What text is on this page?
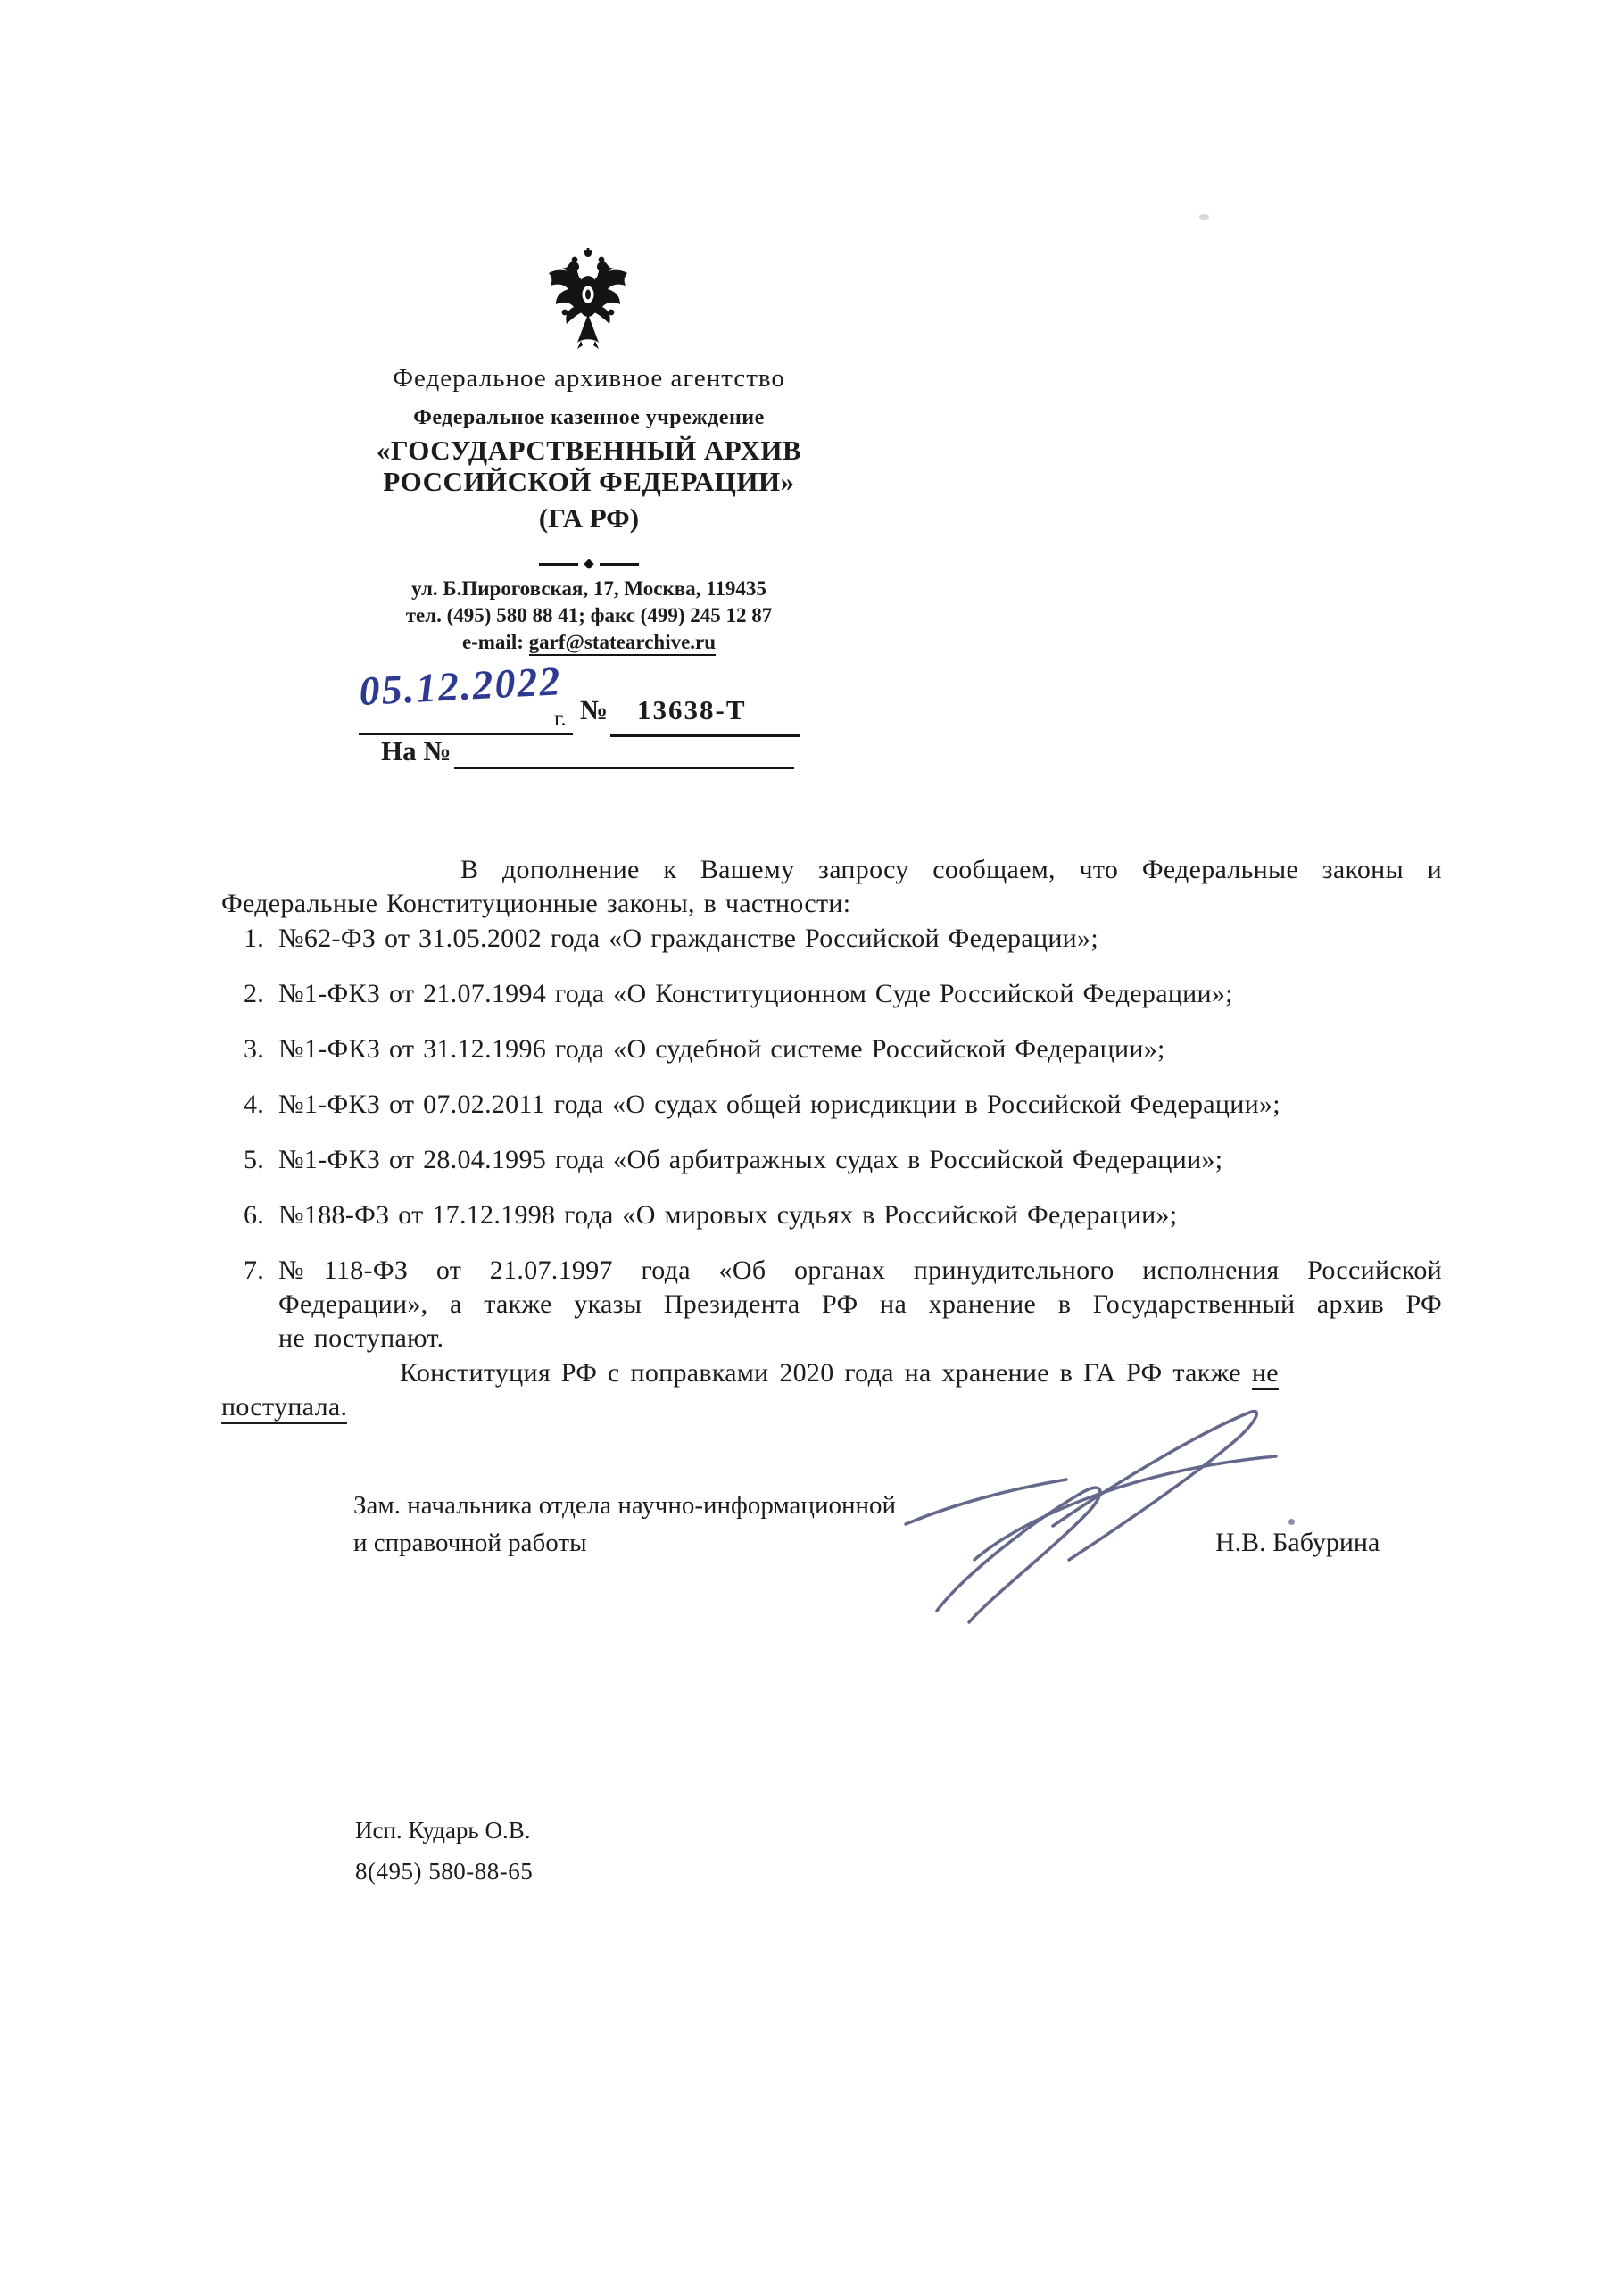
Федеральное архивное агентство
Федеральное казенное учреждение
«ГОСУДАРСТВЕННЫЙ АРХИВ
РОССИЙСКОЙ ФЕДЕРАЦИИ»
(ГА РФ)
◆
ул. Б.Пироговская, 17, Москва, 119435
тел. (495) 580 88 41; факс (499) 245 12 87
e-mail: garf@statearchive.ru
05.12.2022
г. № 13638-Т
На №
В дополнение к Вашему запросу сообщаем, что Федеральные законы и
Федеральные Конституционные законы, в частности:
1. №62-ФЗ от 31.05.2002 года «О гражданстве Российской Федерации»;
2. №1-ФКЗ от 21.07.1994 года «О Конституционном Суде Российской Федерации»;
3. №1-ФКЗ от 31.12.1996 года «О судебной системе Российской Федерации»;
4. №1-ФКЗ от 07.02.2011 года «О судах общей юрисдикции в Российской Федерации»;
5. №1-ФКЗ от 28.04.1995 года «Об арбитражных судах в Российской Федерации»;
6. №188-ФЗ от 17.12.1998 года «О мировых судьях в Российской Федерации»;
7. №118-ФЗ от 21.07.1997 года «Об органах принудительного исполнения Российской
Федерации», а также указы Президента РФ на хранение в Государственный архив РФ
не поступают.
Конституция РФ с поправками 2020 года на хранение в ГА РФ также не поступала.
Зам. начальника отдела научно-информационной
и справочной работы	Н.В. Бабурина
Исп. Кударь О.В.
8(495) 580-88-65
